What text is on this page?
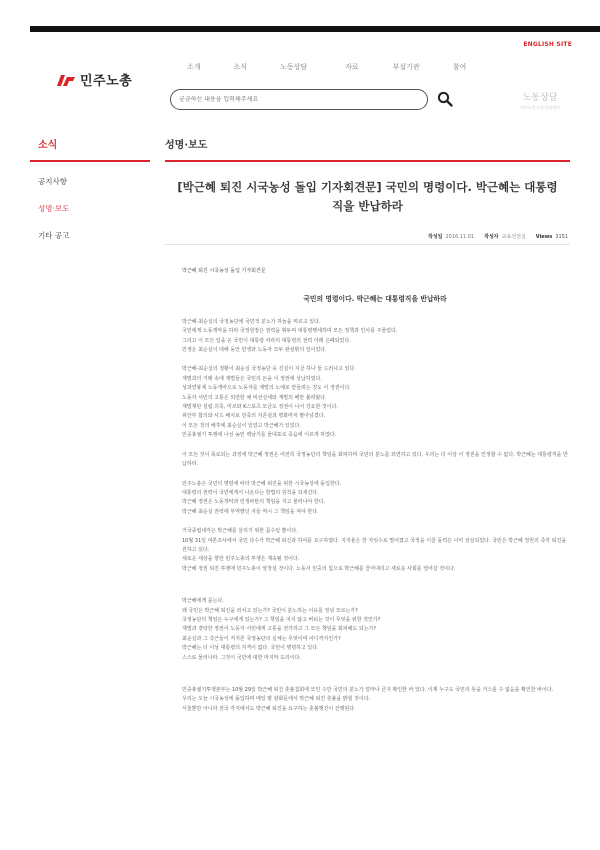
ENGLISH SITE
민주노총
소개	소식	노동상담	자료	부설기관	참여
궁금하신 내용을 입력해주세요
노동상담
민주노총 노동상담센터
소식
공지사항
성명·보도
기타 공고
성명·보도
[박근혜 퇴진 시국농성 돌입 기자회견문] 국민의 명령이다. 박근혜는 대통령직을 반납하라
작성일 2016.11.01 작성자 교육선전실 Views 3151
박근혜 퇴진 시국농성 돌입 기자회견문
국민의 명령이다. 박근혜는 대통령직을 반납하라

박근혜-최순실의 국정농단에 국민적 분노가 하늘을 찌르고 있다.

국민에게 노동개악을 하라 국정원장은 권력을 휘두며 대통령행세하며 모든 정책과 인사를 주물렀다.

그리고 이 모든 일을 온 국민이 대통령 차라리 대통령의 권력 아래 은폐되었다.

민생은 최순실이 대해 동안 민생과 노동자 모두 관심밖의 일이었다.

박근혜-최순실의 정황이 최순실 국정농단 등 진실이 지금 하나 둘 드러나고 있다.

재벌과의 거래 속에 재벌들은 국민의 돈을 이 정권에 상납하였다.

성과연봉제 노동개악으로 노동자를 재벌의 노예로 만들려는 것도 이 정권이다.

노동자 서민의 고통은 외면한 채 비선실세와 재벌의 배만 불려왔다.

재벌재단 설립 의혹, 미르와 K스포츠 모금도 정권이 나서 강요한 것이다.

위안부 합의와 사드 배치로 민족의 자존심과 평화마저 팔아넘겼다.

이 모든 것의 배후에 최순실이 있었고 박근혜가 있었다.

민중총궐기 투쟁에 나선 농민 백남기를 물대포로 죽음에 이르게 하였다.

이 모든 것이 폭로되는 과정에 박근혜 정권은 여전히 국정농단의 책임을 회피하며 국민의 분노를 외면하고 있다. 우리는 더 이상 이 정권을 인정할 수 없다. 박근혜는 대통령직을 반납하라.

민주노총은 국민의 명령에 따라 박근혜 퇴진을 위한 시국농성에 돌입한다.

대통령의 권력이 국민에게서 나온다는 헌법의 원칙을 되새긴다.

박근혜 정권은 노동개악과 민생파탄의 책임을 지고 물러나야 한다.

박근혜 최순실 권력에 부역했던 자들 역시 그 책임을 져야 한다.

거국중립내각은 박근혜를 살리기 위한 꼼수일 뿐이다.

10월 31일 여론조사에서 국민 다수가 박근혜 퇴진과 하야를 요구하였다. 지지율은 한 자릿수로 떨어졌고 국정을 이끌 동력은 이미 상실되었다. 국민은 박근혜 정권의 즉각 퇴진을 원하고 있다.

새로운 세상을 향한 민주노총의 투쟁은 계속될 것이다.

박근혜 정권 퇴진 투쟁에 민주노총이 앞장설 것이다. 노동자 민중의 힘으로 박근혜를 끌어내리고 새로운 사회를 열어갈 것이다.

박근혜에게 묻는다.

왜 국민은 박근혜 퇴진을 외치고 있는가? 국민이 분노하는 이유를 정녕 모르는가?

국정농단의 책임은 누구에게 있는가? 그 책임을 지지 않고 버티는 것이 무엇을 위한 것인가?

재벌과 결탁한 정권이 노동자 서민에게 고통을 전가하고 그 모든 책임을 회피해도 되는가?

최순실과 그 측근들이 저지른 국정농단의 실체는 무엇이며 어디까지인가?

박근혜는 더 이상 대통령의 자격이 없다. 국민이 명령하고 있다.

스스로 물러나라. 그것이 국민에 대한 마지막 도리이다.

민중총궐기투쟁본부는 10월 29일 박근혜 퇴진 촛불집회에 모인 수만 국민의 분노가 얼마나 큰지 확인한 바 있다. 이제 누구도 국민의 뜻을 거스를 수 없음을 확인한 바이다.

우리는 오늘 시국농성에 돌입하며 매일 밤 광화문에서 박근혜 퇴진 촛불을 밝힐 것이다.

서울뿐만 아니라 전국 각지에서도 박근혜 퇴진을 요구하는 촛불행진이 진행된다.
